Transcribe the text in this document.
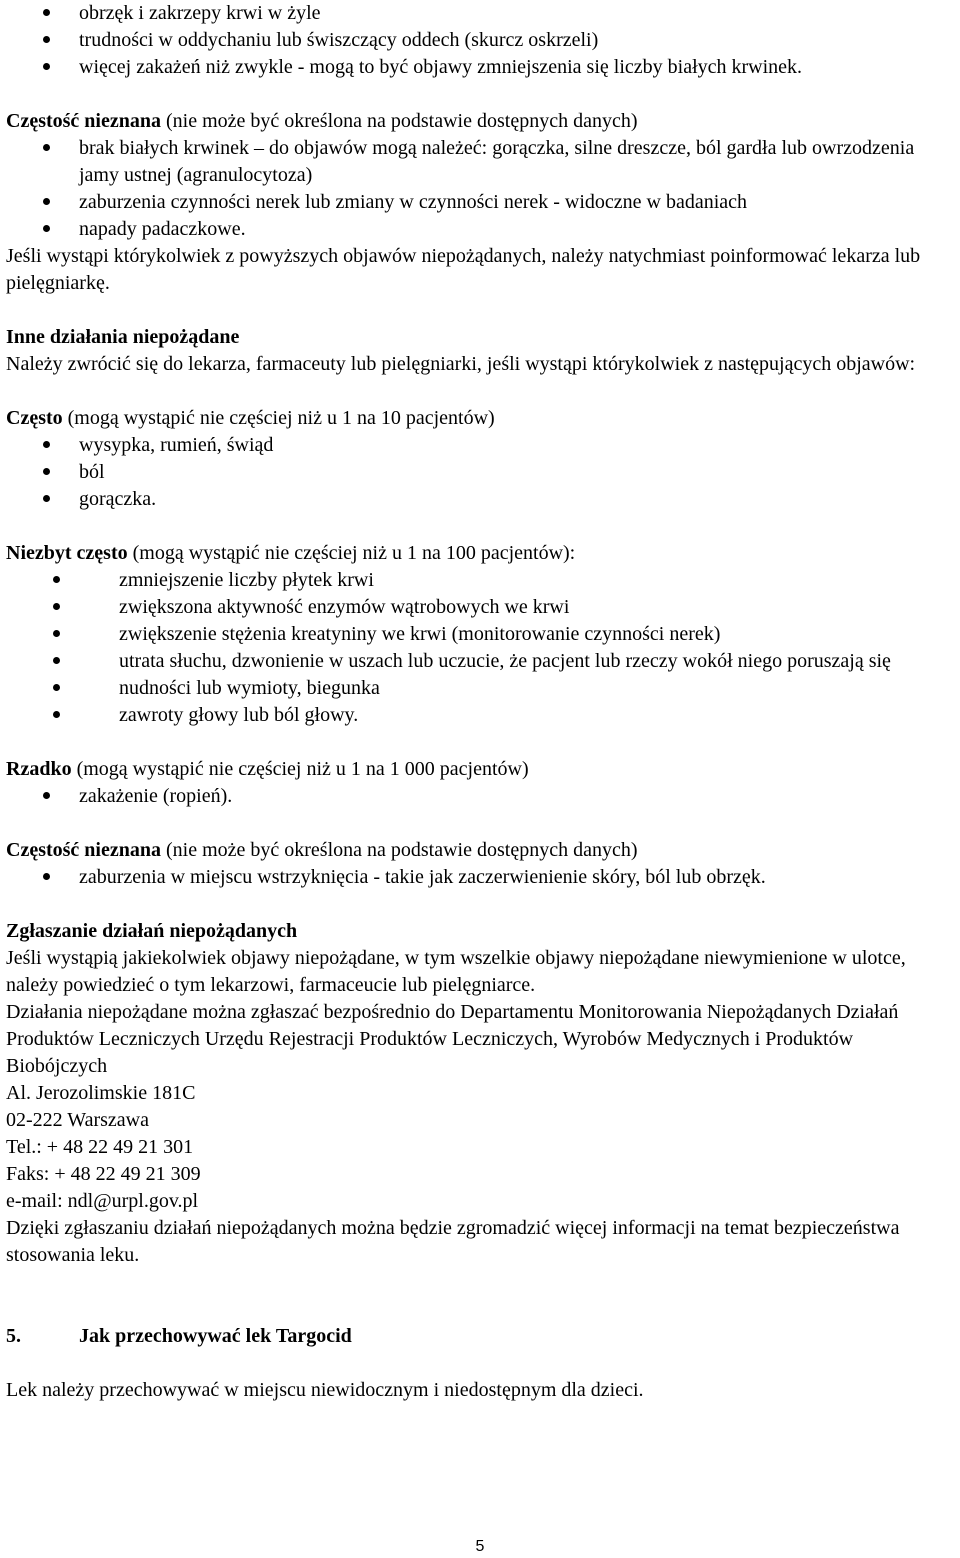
obrzęk i zakrzepy krwi w żyle
trudności w oddychaniu lub świszczący oddech (skurcz oskrzeli)
więcej zakażeń niż zwykle - mogą to być objawy zmniejszenia się liczby białych krwinek.

Częstość nieznana (nie może być określona na podstawie dostępnych danych)

brak białych krwinek – do objawów mogą należeć: gorączka, silne dreszcze, ból gardła lub owrzodzenia jamy ustnej (agranulocytoza)
zaburzenia czynności nerek lub zmiany w czynności nerek - widoczne w badaniach
napady padaczkowe.

Jeśli wystąpi którykolwiek z powyższych objawów niepożądanych, należy natychmiast poinformować lekarza lub pielęgniarkę.

Inne działania niepożądane

Należy zwrócić się do lekarza, farmaceuty lub pielęgniarki, jeśli wystąpi którykolwiek z następujących objawów:

Często (mogą wystąpić nie częściej niż u 1 na 10 pacjentów)

wysypka, rumień, świąd
ból
gorączka.

Niezbyt często (mogą wystąpić nie częściej niż u 1 na 100 pacjentów):

zmniejszenie liczby płytek krwi
zwiększona aktywność enzymów wątrobowych we krwi
zwiększenie stężenia kreatyniny we krwi (monitorowanie czynności nerek)
utrata słuchu, dzwonienie w uszach lub uczucie, że pacjent lub rzeczy wokół niego poruszają się
nudności lub wymioty, biegunka
zawroty głowy lub ból głowy.

Rzadko (mogą wystąpić nie częściej niż u 1 na 1 000 pacjentów)

zakażenie (ropień).

Częstość nieznana (nie może być określona na podstawie dostępnych danych)

zaburzenia w miejscu wstrzyknięcia - takie jak zaczerwienienie skóry, ból lub obrzęk.

Zgłaszanie działań niepożądanych

Jeśli wystąpią jakiekolwiek objawy niepożądane, w tym wszelkie objawy niepożądane niewymienione w ulotce, należy powiedzieć o tym lekarzowi, farmaceucie lub pielęgniarce.

Działania niepożądane można zgłaszać bezpośrednio do Departamentu Monitorowania Niepożądanych Działań Produktów Leczniczych Urzędu Rejestracji Produktów Leczniczych, Wyrobów Medycznych i Produktów Biobójczych

Al. Jerozolimskie 181C

02-222 Warszawa

Tel.: + 48 22 49 21 301

Faks: + 48 22 49 21 309

e-mail: ndl@urpl.gov.pl

Dzięki zgłaszaniu działań niepożądanych można będzie zgromadzić więcej informacji na temat bezpieczeństwa stosowania leku.

5.	Jak przechowywać lek Targocid

Lek należy przechowywać w miejscu niewidocznym i niedostępnym dla dzieci.

5
